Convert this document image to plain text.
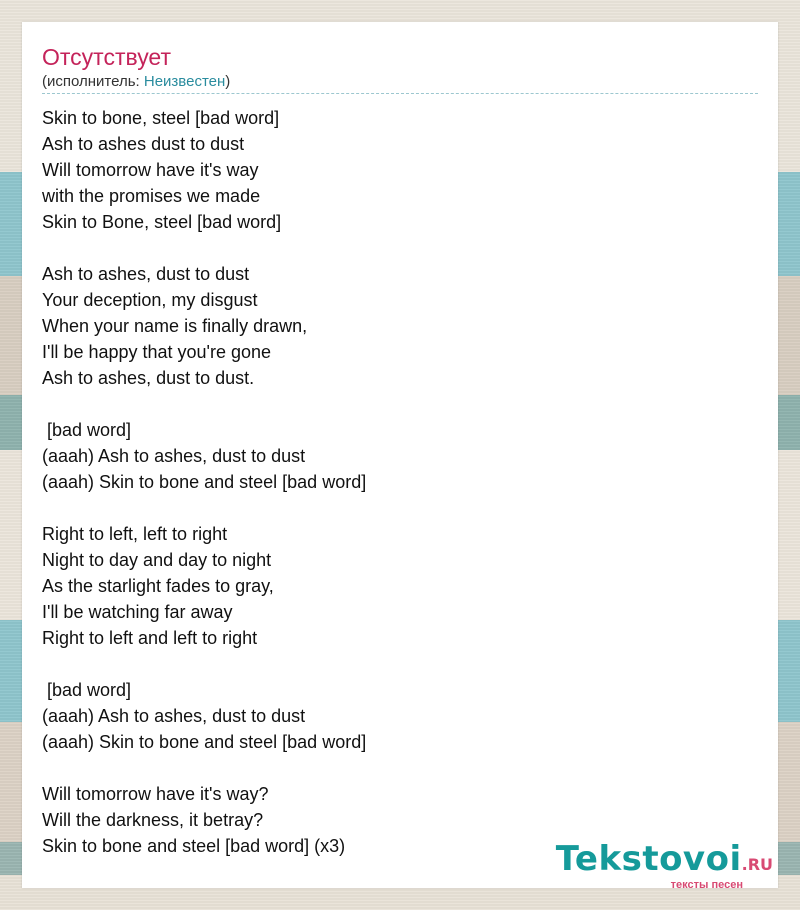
Отсутствует
(исполнитель: Неизвестен)
Skin to bone, steel [bad word]
Ash to ashes dust to dust
Will tomorrow have it's way
with the promises we made
Skin to Bone, steel [bad word]
Ash to ashes, dust to dust
Your deception, my disgust
When your name is finally drawn,
I'll be happy that you're gone
Ash to ashes, dust to dust.
[bad word]
(aaah) Ash to ashes, dust to dust
(aaah) Skin to bone and steel [bad word]
Right to left, left to right
Night to day and day to night
As the starlight fades to gray,
I'll be watching far away
Right to left and left to right
[bad word]
(aaah) Ash to ashes, dust to dust
(aaah) Skin to bone and steel [bad word]
Will tomorrow have it's way?
Will the darkness, it betray?
Skin to bone and steel [bad word] (x3)	Tekstovoi.RU
тексты песен
